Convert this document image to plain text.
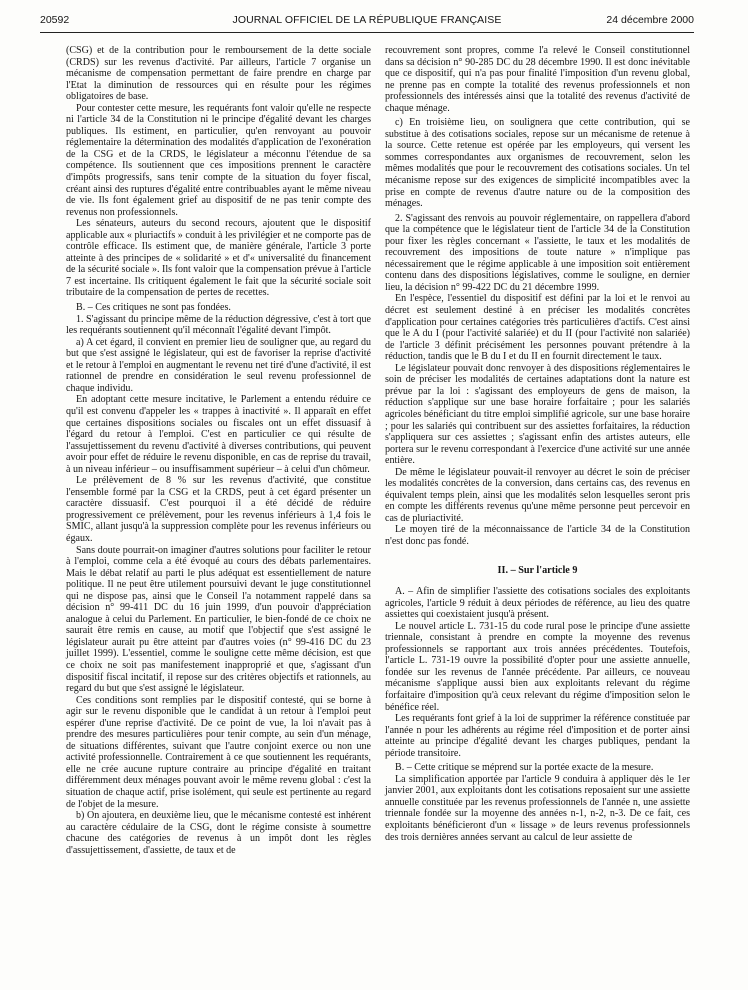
20592	JOURNAL OFFICIEL DE LA RÉPUBLIQUE FRANÇAISE	24 décembre 2000

(CSG) et de la contribution pour le remboursement de la dette sociale (CRDS) sur les revenus d'activité. Par ailleurs, l'article 7 organise un mécanisme de compensation permettant de faire prendre en charge par l'Etat la diminution de ressources qui en résulte pour les régimes obligatoires de base.

Pour contester cette mesure, les requérants font valoir qu'elle ne respecte ni l'article 34 de la Constitution ni le principe d'égalité devant les charges publiques. Ils estiment, en particulier, qu'en renvoyant au pouvoir réglementaire la détermination des modalités d'application de l'exonération de la CSG et de la CRDS, le législateur a méconnu l'étendue de sa compétence. Ils soutiennent que ces impositions prennent le caractère d'impôts progressifs, sans tenir compte de la situation du foyer fiscal, créant ainsi des ruptures d'égalité entre contribuables ayant le même niveau de vie. Ils font également grief au dispositif de ne pas tenir compte des revenus non professionnels.

Les sénateurs, auteurs du second recours, ajoutent que le dispositif applicable aux « pluriactifs » conduit à les privilégier et ne comporte pas de contrôle efficace. Ils estiment que, de manière générale, l'article 3 porte atteinte à des principes de « solidarité » et d'« universalité du financement de la sécurité sociale ». Ils font valoir que la compensation prévue à l'article 7 est incertaine. Ils critiquent également le fait que la sécurité sociale soit tributaire de la compensation de pertes de recettes.

B. – Ces critiques ne sont pas fondées.

1. S'agissant du principe même de la réduction dégressive, c'est à tort que les requérants soutiennent qu'il méconnaît l'égalité devant l'impôt.

a) A cet égard, il convient en premier lieu de souligner que, au regard du but que s'est assigné le législateur, qui est de favoriser la reprise d'activité et le retour à l'emploi en augmentant le revenu net tiré d'une d'activité, il est rationnel de prendre en considération le seul revenu professionnel de chaque individu.

En adoptant cette mesure incitative, le Parlement a entendu réduire ce qu'il est convenu d'appeler les « trappes à inactivité ». Il apparaît en effet que certaines dispositions sociales ou fiscales ont un effet dissuasif à l'égard du retour à l'emploi. C'est en particulier ce qui résulte de l'assujettissement du revenu d'activité à diverses contributions, qui peuvent avoir pour effet de réduire le revenu disponible, en cas de reprise du travail, à un niveau inférieur – ou insuffisamment supérieur – à celui d'un chômeur.

Le prélèvement de 8 % sur les revenus d'activité, que constitue l'ensemble formé par la CSG et la CRDS, peut à cet égard présenter un caractère dissuasif. C'est pourquoi il a été décidé de réduire progressivement ce prélèvement, pour les revenus inférieurs à 1,4 fois le SMIC, allant jusqu'à la suppression complète pour les revenus inférieurs ou égaux.

Sans doute pourrait-on imaginer d'autres solutions pour faciliter le retour à l'emploi, comme cela a été évoqué au cours des débats parlementaires. Mais le débat relatif au parti le plus adéquat est essentiellement de nature politique. Il ne peut être utilement poursuivi devant le juge constitutionnel qui ne dispose pas, ainsi que le Conseil l'a notamment rappelé dans sa décision n° 99-411 DC du 16 juin 1999, d'un pouvoir d'appréciation analogue à celui du Parlement. En particulier, le bien-fondé de ce choix ne saurait être remis en cause, au motif que l'objectif que s'est assigné le législateur aurait pu être atteint par d'autres voies (n° 99-416 DC du 23 juillet 1999). L'essentiel, comme le souligne cette même décision, est que ce choix ne soit pas manifestement inapproprié et que, s'agissant d'un dispositif fiscal incitatif, il repose sur des critères objectifs et rationnels, au regard du but que s'est assigné le législateur.

Ces conditions sont remplies par le dispositif contesté, qui se borne à agir sur le revenu disponible que le candidat à un retour à l'emploi peut espérer d'une reprise d'activité. De ce point de vue, la loi n'avait pas à prendre des mesures particulières pour tenir compte, au sein d'un ménage, de situations différentes, suivant que l'autre conjoint exerce ou non une activité professionnelle. Contrairement à ce que soutiennent les requérants, elle ne crée aucune rupture contraire au principe d'égalité en traitant différemment deux ménages pouvant avoir le même revenu global : c'est la situation de chaque actif, prise isolément, qui seule est pertinente au regard de l'objet de la mesure.

b) On ajoutera, en deuxième lieu, que le mécanisme contesté est inhérent au caractère cédulaire de la CSG, dont le régime consiste à soumettre chacune des catégories de revenus à un impôt dont les règles d'assujettissement, d'assiette, de taux et de

recouvrement sont propres, comme l'a relevé le Conseil constitutionnel dans sa décision n° 90-285 DC du 28 décembre 1990. Il est donc inévitable que ce dispositif, qui n'a pas pour finalité l'imposition d'un revenu global, ne prenne pas en compte la totalité des revenus professionnels et non professionnels des intéressés ainsi que la totalité des revenus d'activité de chaque ménage.

c) En troisième lieu, on soulignera que cette contribution, qui se substitue à des cotisations sociales, repose sur un mécanisme de retenue à la source. Cette retenue est opérée par les employeurs, qui versent les sommes correspondantes aux organismes de recouvrement, selon les mêmes modalités que pour le recouvrement des cotisations sociales. Un tel mécanisme repose sur des exigences de simplicité incompatibles avec la prise en compte de revenus d'autre nature ou de la composition des ménages.

2. S'agissant des renvois au pouvoir réglementaire, on rappellera d'abord que la compétence que le législateur tient de l'article 34 de la Constitution pour fixer les règles concernant « l'assiette, le taux et les modalités de recouvrement des impositions de toute nature » n'implique pas nécessairement que le régime applicable à une imposition soit entièrement contenu dans des dispositions législatives, comme le souligne, en dernier lieu, la décision n° 99-422 DC du 21 décembre 1999.

En l'espèce, l'essentiel du dispositif est défini par la loi et le renvoi au décret est seulement destiné à en préciser les modalités concrètes d'application pour certaines catégories très particulières d'actifs. C'est ainsi que le A du I (pour l'activité salariée) et du II (pour l'activité non salariée) de l'article 3 définit précisément les personnes pouvant prétendre à la réduction, tandis que le B du I et du II en fournit directement le taux.

Le législateur pouvait donc renvoyer à des dispositions réglementaires le soin de préciser les modalités de certaines adaptations dont la nature est prévue par la loi : s'agissant des employeurs de gens de maison, la réduction s'applique sur une base horaire forfaitaire ; pour les salariés agricoles bénéficiant du titre emploi simplifié agricole, sur une base horaire ; pour les salariés qui contribuent sur des assiettes forfaitaires, la réduction s'appliquera sur ces assiettes ; s'agissant enfin des artistes auteurs, elle portera sur le revenu correspondant à l'exercice d'une activité sur une année entière.

De même le législateur pouvait-il renvoyer au décret le soin de préciser les modalités concrètes de la conversion, dans certains cas, des revenus en équivalent temps plein, ainsi que les modalités selon lesquelles seront pris en compte les différents revenus qu'une même personne peut percevoir en cas de pluriactivité.

Le moyen tiré de la méconnaissance de l'article 34 de la Constitution n'est donc pas fondé.

II. – Sur l'article 9

A. – Afin de simplifier l'assiette des cotisations sociales des exploitants agricoles, l'article 9 réduit à deux périodes de référence, au lieu des quatre assiettes qui coexistaient jusqu'à présent.

Le nouvel article L. 731-15 du code rural pose le principe d'une assiette triennale, consistant à prendre en compte la moyenne des revenus professionnels se rapportant aux trois années précédentes. Toutefois, l'article L. 731-19 ouvre la possibilité d'opter pour une assiette annuelle, fondée sur les revenus de l'année précédente. Par ailleurs, ce nouveau mécanisme s'applique aussi bien aux exploitants relevant du régime forfaitaire d'imposition qu'à ceux relevant du régime d'imposition selon le bénéfice réel.

Les requérants font grief à la loi de supprimer la référence constituée par l'année n pour les adhérents au régime réel d'imposition et de porter ainsi atteinte au principe d'égalité devant les charges publiques, pendant la période transitoire.

B. – Cette critique se méprend sur la portée exacte de la mesure.

La simplification apportée par l'article 9 conduira à appliquer dès le 1er janvier 2001, aux exploitants dont les cotisations reposaient sur une assiette annuelle constituée par les revenus professionnels de l'année n, une assiette triennale fondée sur la moyenne des années n-1, n-2, n-3. De ce fait, ces exploitants bénéficieront d'un « lissage » de leurs revenus professionnels des trois dernières années servant au calcul de leur assiette de
